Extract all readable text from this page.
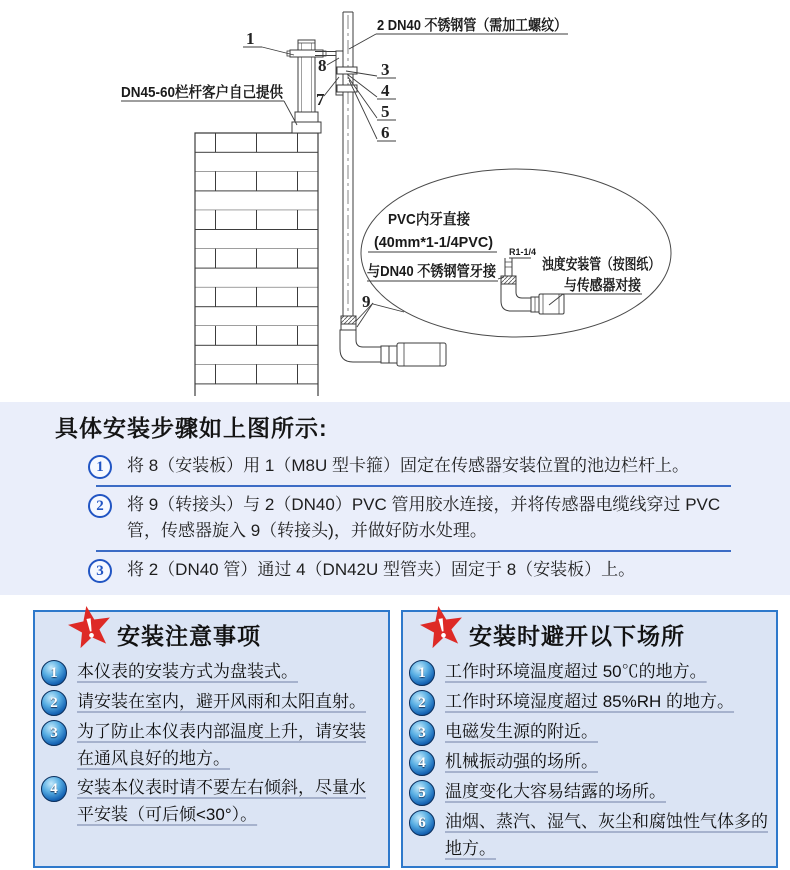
1
8
7
3
4
5
6
9
2 DN40 不锈钢管（需加工螺纹）
DN45-60栏杆客户自己提供
PVC内牙直接
(40mm*1-1/4PVC)
与DN40 不锈钢管牙接
R1-1/4
浊度安装管（按图纸）
与传感器对接
具体安装步骤如上图所示:
1	将 8（安装板）用 1（M8U 型卡箍）固定在传感器安装位置的池边栏杆上。
2	将 9（转接头）与 2（DN40）PVC 管用胶水连接，并将传感器电缆线穿过 PVC 管，传感器旋入 9（转接头)，并做好防水处理。
3	将 2（DN40 管）通过 4（DN42U 型管夹）固定于 8（安装板）上。
! 安装注意事项
1	本仪表的安装方式为盘装式。
2	请安装在室内，避开风雨和太阳直射。
3	为了防止本仪表内部温度上升，请安装在通风良好的地方。
4	安装本仪表时请不要左右倾斜，尽量水平安装（可后倾<30°）。
! 安装时避开以下场所
1	工作时环境温度超过 50℃的地方。
2	工作时环境湿度超过 85%RH 的地方。
3	电磁发生源的附近。
4	机械振动强的场所。
5	温度变化大容易结露的场所。
6	油烟、蒸汽、湿气、灰尘和腐蚀性气体多的地方。
